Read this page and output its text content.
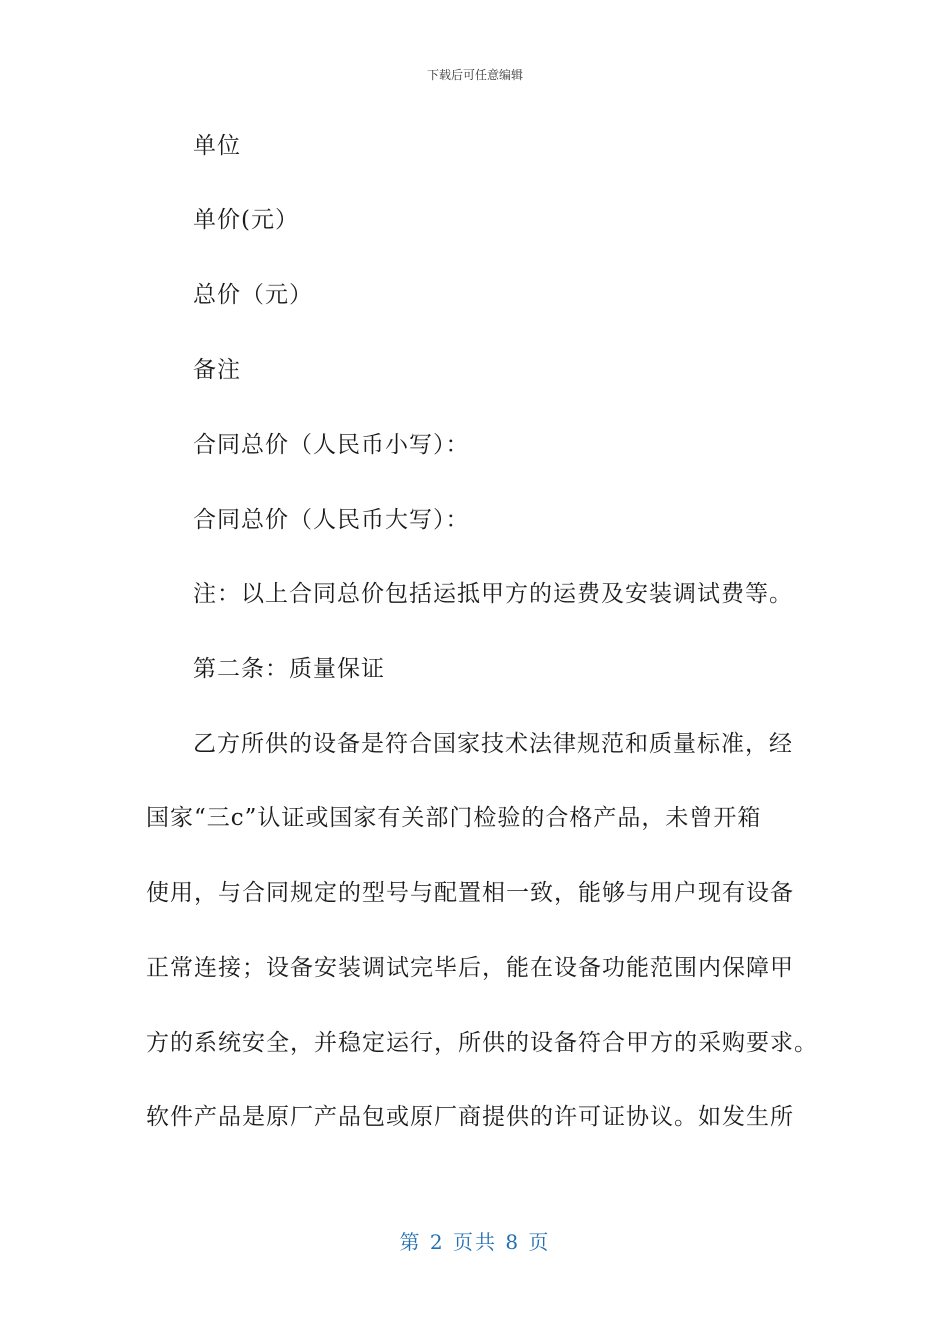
下载后可任意编辑
单位
单价(元）
总价（元）
备注
合同总价（人民币小写）：
合同总价（人民币大写）：
注：以上合同总价包括运抵甲方的运费及安装调试费等。
第二条：质量保证
乙方所供的设备是符合国家技术法律规范和质量标准，经
国家“三c”认证或国家有关部门检验的合格产品，未曾开箱
使用，与合同规定的型号与配置相一致，能够与用户现有设备
正常连接；设备安装调试完毕后，能在设备功能范围内保障甲
方的系统安全，并稳定运行，所供的设备符合甲方的采购要求。
软件产品是原厂产品包或原厂商提供的许可证协议。如发生所
第 2 页共 8 页
